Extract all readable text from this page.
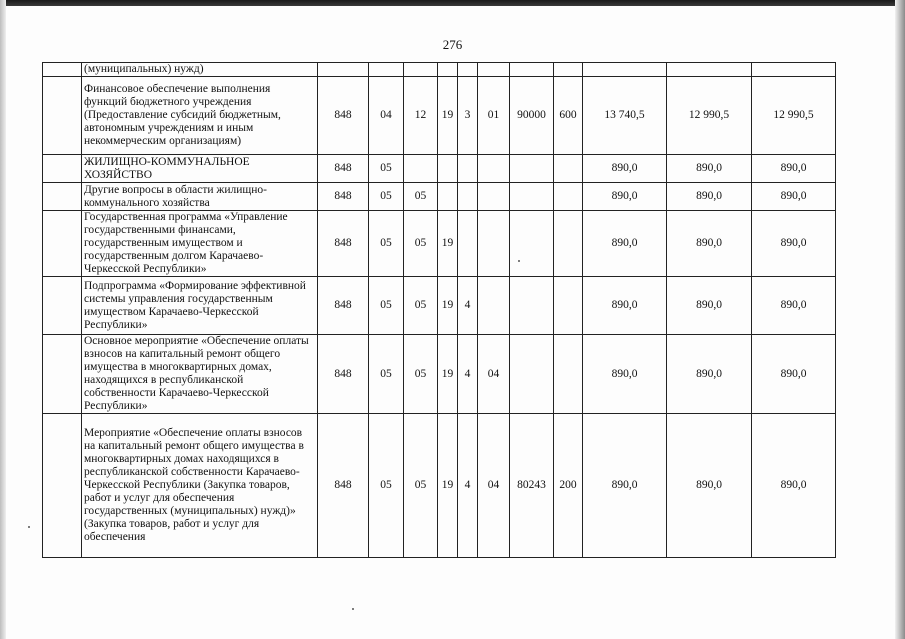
276
	(муниципальных) нужд)											
	Финансовое обеспечение выполнения функций бюджетного учреждения (Предоставление субсидий бюджетным, автономным учреждениям и иным некоммерческим организациям)	848	04	12	19	3	01	90000	600	13 740,5	12 990,5	12 990,5
	ЖИЛИЩНО-КОММУНАЛЬНОЕ ХОЗЯЙСТВО	848	05							890,0	890,0	890,0
	Другие вопросы в области жилищно-коммунального хозяйства	848	05	05						890,0	890,0	890,0
	Государственная программа «Управление государственными финансами, государственным имуществом и государственным долгом Карачаево-Черкесской Республики»	848	05	05	19					890,0	890,0	890,0
	Подпрограмма «Формирование эффективной системы управления государственным имуществом Карачаево-Черкесской Республики»	848	05	05	19	4				890,0	890,0	890,0
	Основное мероприятие «Обеспечение оплаты взносов на капитальный ремонт общего имущества в многоквартирных домах, находящихся в республиканской собственности Карачаево-Черкесской Республики»	848	05	05	19	4	04			890,0	890,0	890,0
	Мероприятие «Обеспечение оплаты взносов на капитальный ремонт общего имущества в многоквартирных домах находящихся в республиканской собственности Карачаево-Черкесской Республики (Закупка товаров, работ и услуг для обеспечения государственных (муниципальных) нужд)» (Закупка товаров, работ и услуг для обеспечения	848	05	05	19	4	04	80243	200	890,0	890,0	890,0
